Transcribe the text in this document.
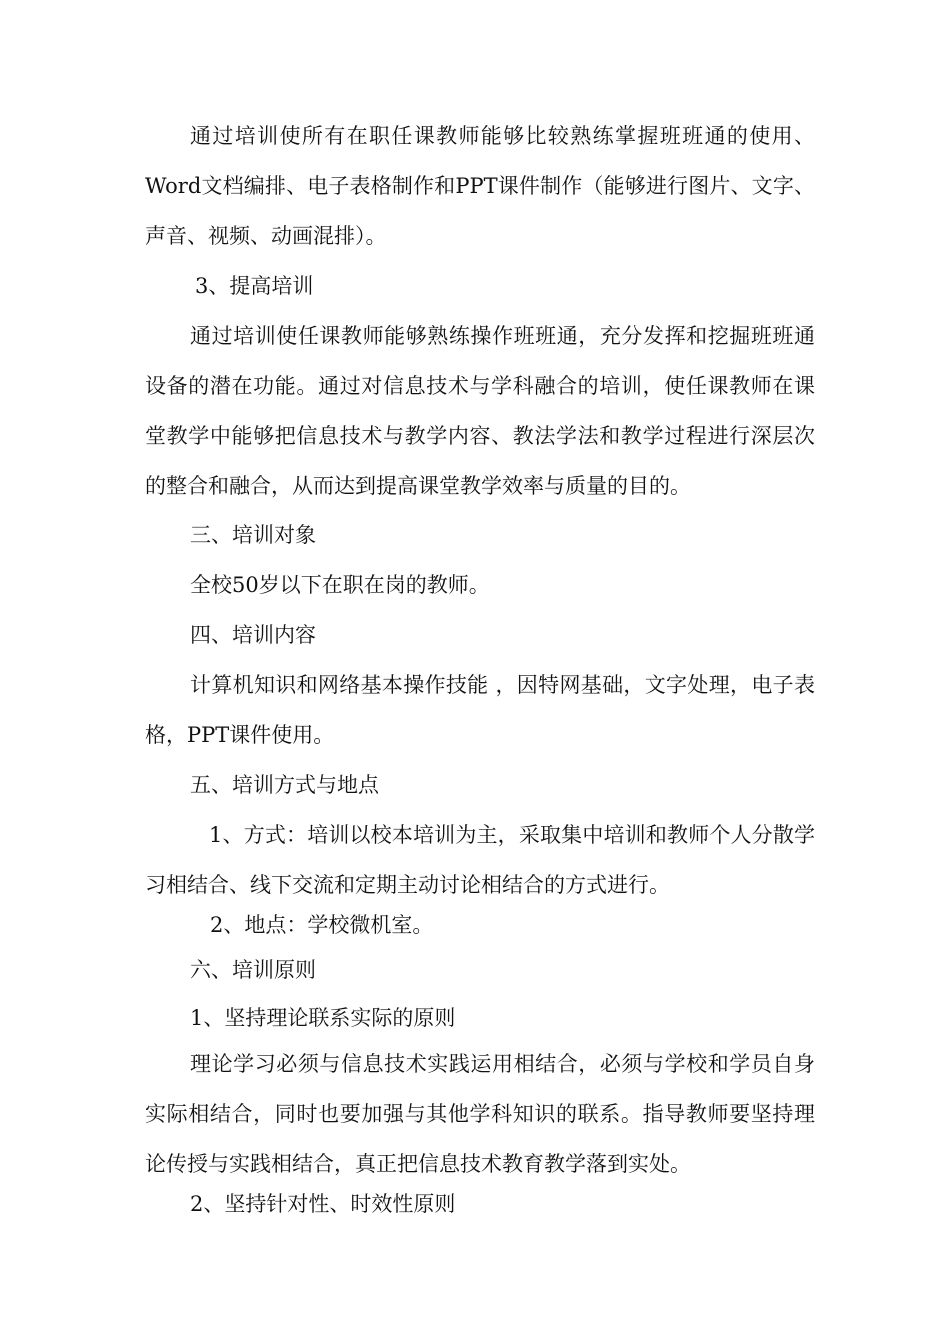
通过培训使所有在职任课教师能够比较熟练掌握班班通的使用、Word文档编排、电子表格制作和PPT课件制作（能够进行图片、文字、声音、视频、动画混排）。

3、提高培训

通过培训使任课教师能够熟练操作班班通，充分发挥和挖掘班班通设备的潜在功能。通过对信息技术与学科融合的培训，使任课教师在课堂教学中能够把信息技术与教学内容、教法学法和教学过程进行深层次的整合和融合，从而达到提高课堂教学效率与质量的目的。

三、培训对象

全校50岁以下在职在岗的教师。

四、培训内容

计算机知识和网络基本操作技能 ，因特网基础，文字处理，电子表格，PPT课件使用。

五、培训方式与地点

1、方式：培训以校本培训为主，采取集中培训和教师个人分散学习相结合、线下交流和定期主动讨论相结合的方式进行。

2、地点：学校微机室。

六、培训原则

1、坚持理论联系实际的原则

理论学习必须与信息技术实践运用相结合，必须与学校和学员自身实际相结合，同时也要加强与其他学科知识的联系。指导教师要坚持理论传授与实践相结合，真正把信息技术教育教学落到实处。

2、坚持针对性、时效性原则
